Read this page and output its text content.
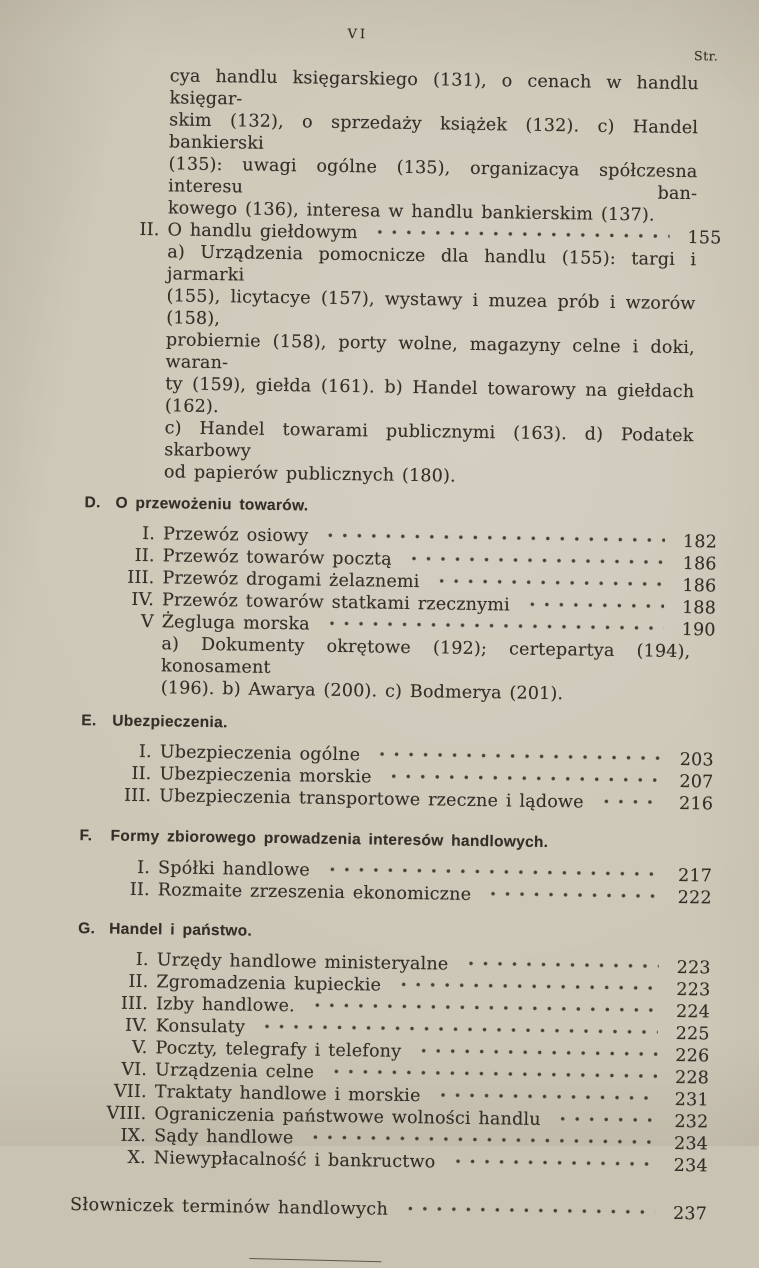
VI
Str.
cya handlu księgarskiego (131), o cenach w handlu księgar-
skim (132), o sprzedaży książek (132). c) Handel bankierski
(135): uwagi ogólne (135), organizacya spółczesna interesu ban-
kowego (136), interesa w handlu bankierskim (137).
II. O handlu giełdowym	155
a) Urządzenia pomocnicze dla handlu (155): targi i jarmarki
(155), licytacye (157), wystawy i muzea prób i wzorów (158),
probiernie (158), porty wolne, magazyny celne i doki, waran-
ty (159), giełda (161). b) Handel towarowy na giełdach (162).
c) Handel towarami publicznymi (163). d) Podatek skarbowy
od papierów publicznych (180).
D. O przewożeniu towarów.
I. Przewóz osiowy	182
II. Przewóz towarów pocztą	186
III. Przewóz drogami żelaznemi	186
IV. Przewóz towarów statkami rzecznymi	188
V Żegluga morska	190
a) Dokumenty okrętowe (192); certepartya (194), konosament
(196). b) Awarya (200). c) Bodmerya (201).
E. Ubezpieczenia.
I. Ubezpieczenia ogólne	203
II. Ubezpieczenia morskie	207
III. Ubezpieczenia transportowe rzeczne i lądowe	216
F.	Formy zbiorowego prowadzenia interesów handlowych.
I. Spółki handlowe	217
II. Rozmaite zrzeszenia ekonomiczne	222
G. Handel i państwo.
I. Urzędy handlowe ministeryalne	223
II. Zgromadzenia kupieckie	223
III. Izby handlowe.	224
IV. Konsulaty	225
V. Poczty, telegrafy i telefony	226
VI. Urządzenia celne	228
VII. Traktaty handlowe i morskie	231
VIII. Ograniczenia państwowe wolności handlu	232
IX. Sądy handlowe	234
X. Niewypłacalność i bankructwo	234
Słowniczek terminów handlowych	237
